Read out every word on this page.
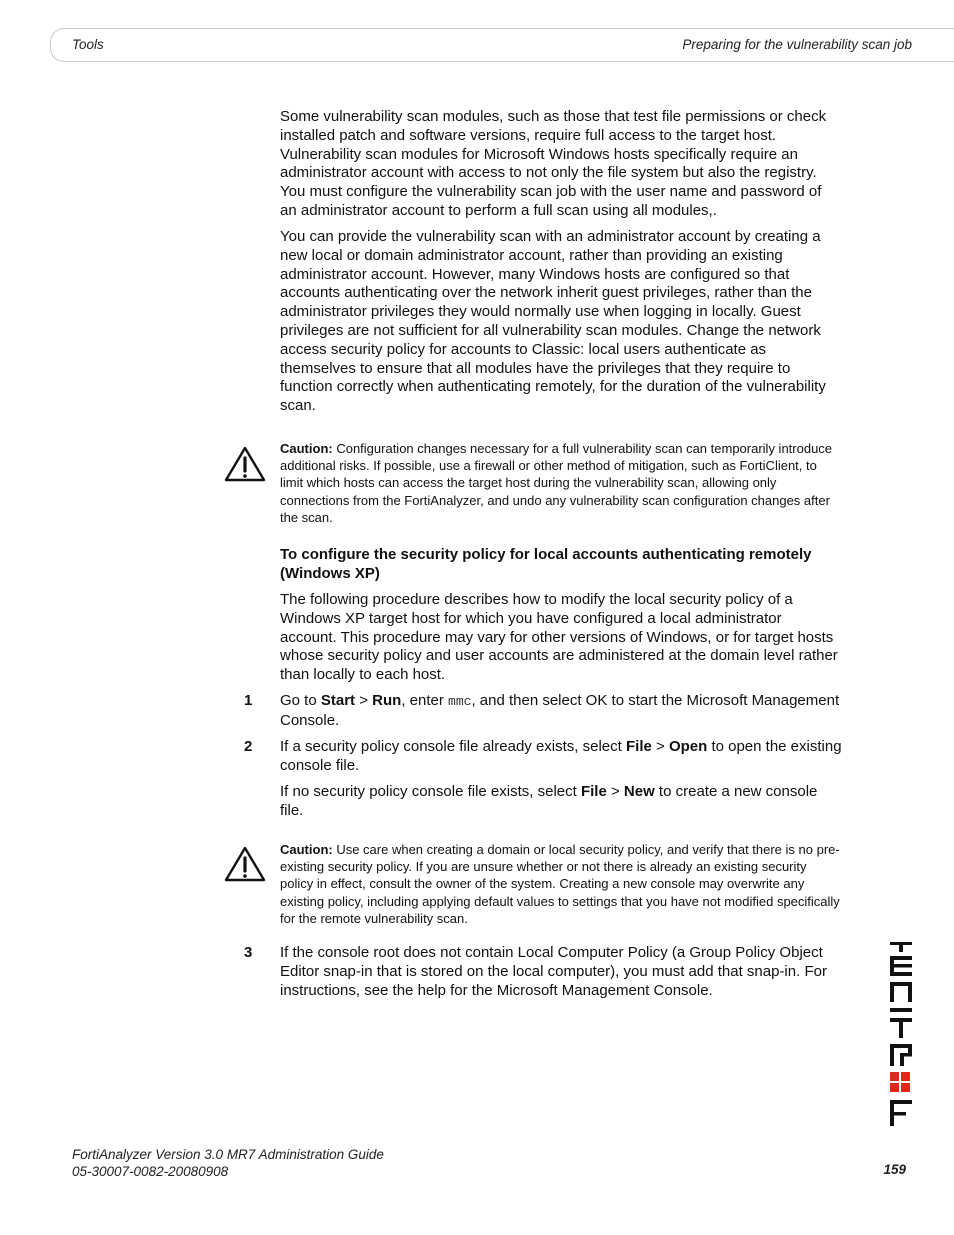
Tools	Preparing for the vulnerability scan job

Some vulnerability scan modules, such as those that test file permissions or check installed patch and software versions, require full access to the target host. Vulnerability scan modules for Microsoft Windows hosts specifically require an administrator account with access to not only the file system but also the registry. You must configure the vulnerability scan job with the user name and password of an administrator account to perform a full scan using all modules,.

You can provide the vulnerability scan with an administrator account by creating a new local or domain administrator account, rather than providing an existing administrator account. However, many Windows hosts are configured so that accounts authenticating over the network inherit guest privileges, rather than the administrator privileges they would normally use when logging in locally. Guest privileges are not sufficient for all vulnerability scan modules. Change the network access security policy for accounts to Classic: local users authenticate as themselves to ensure that all modules have the privileges that they require to function correctly when authenticating remotely, for the duration of the vulnerability scan.

Caution: Configuration changes necessary for a full vulnerability scan can temporarily introduce additional risks. If possible, use a firewall or other method of mitigation, such as FortiClient, to limit which hosts can access the target host during the vulnerability scan, allowing only connections from the FortiAnalyzer, and undo any vulnerability scan configuration changes after the scan.

To configure the security policy for local accounts authenticating remotely (Windows XP)

The following procedure describes how to modify the local security policy of a Windows XP target host for which you have configured a local administrator account. This procedure may vary for other versions of Windows, or for target hosts whose security policy and user accounts are administered at the domain level rather than locally to each host.

1 Go to Start > Run, enter mmc, and then select OK to start the Microsoft Management Console.

2 If a security policy console file already exists, select File > Open to open the existing console file.

If no security policy console file exists, select File > New to create a new console file.

Caution: Use care when creating a domain or local security policy, and verify that there is no pre-existing security policy. If you are unsure whether or not there is already an existing security policy in effect, consult the owner of the system. Creating a new console may overwrite any existing policy, including applying default values to settings that you have not modified specifically for the remote vulnerability scan.

3 If the console root does not contain Local Computer Policy (a Group Policy Object Editor snap-in that is stored on the local computer), you must add that snap-in. For instructions, see the help for the Microsoft Management Console.

FortiAnalyzer Version 3.0 MR7 Administration Guide
05-30007-0082-20080908	159
